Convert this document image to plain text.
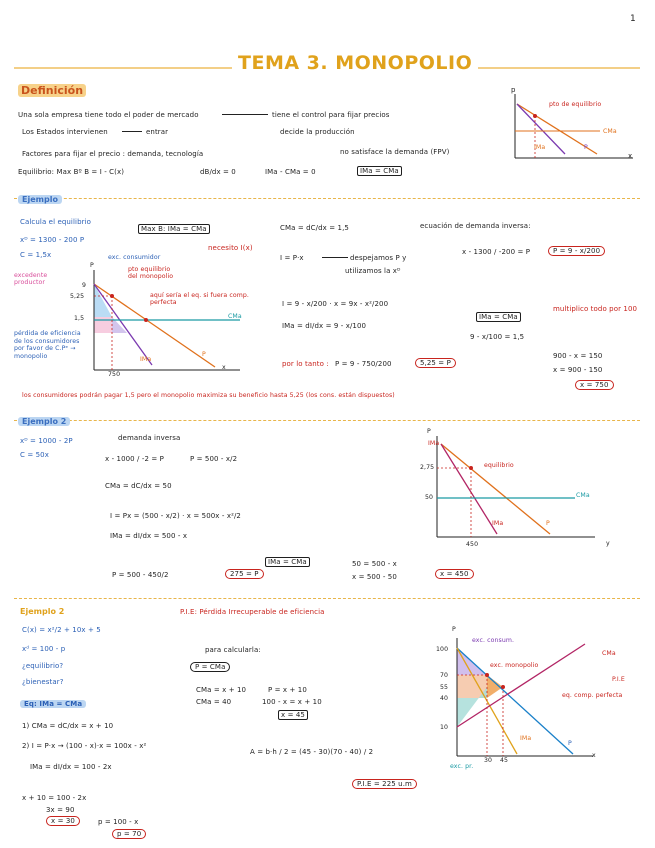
1
TEMA 3. MONOPOLIO
Definición
Una sola empresa tiene todo el poder de mercado	tiene el control para fijar precios
Los Estados intervienen	entrar	decide la producción
Factores para fijar el precio : demanda, tecnología	no satisface la demanda (FPV)
Equilibrio: Max Bº B = I - C(x)	dB/dx = 0	IMa - CMa = 0	IMa = CMa
p
x
pto de equilibrio
CMa
IMa	P
Ejemplo
Calcula el equilibrio
xᴰ = 1300 - 200 P
C = 1,5x
Max B: IMa = CMa
necesito I(x)
CMa = dC/dx = 1,5	ecuación de demanda inversa:
I = P·x	despejamos P y
utilizamos la xᴰ
x - 1300 / -200 = P	P = 9 - x/200
I = 9 - x/200 · x = 9x - x²/200
IMa = dI/dx = 9 - x/100
IMa = CMa
9 - x/100 = 1,5
multiplico todo por 100
900 - x = 150
x = 900 - 150
x = 750
por lo tanto : P = 9 - 750/200	5,25 = P
los consumidores podrán pagar 1,5 pero el monopolio maximiza su beneficio hasta 5,25 (los cons. están dispuestos)
exc. consumidor
pto equilibrio del monopolio
aquí sería el eq. si fuera comp. perfecta
excedente productor
pérdida de eficiencia de los consumidores por favor de C.Pᵉ → monopolio
P
9
5,25
1,5
750
x
CMa
IMa
P
Ejemplo 2
xᴰ = 1000 - 2P
C = 50x
demanda inversa
x - 1000 / -2 = P	P = 500 - x/2
CMa = dC/dx = 50
I = Px = (500 - x/2) · x = 500x - x²/2
IMa = dI/dx = 500 - x
IMa = CMa	50 = 500 - x
x = 500 - 50	x = 450
P = 500 - 450/2	275 = P
P
IMa
2,75
50
450	y
equilibrio
CMa
IMa	P
Ejemplo 2
C(x) = x²/2 + 10x + 5
xᵈ = 100 - p
¿equilibrio?
¿bienestar?
Eq: IMa = CMa
1) CMa = dC/dx = x + 10
2) I = P·x → (100 - x)·x = 100x - x²
IMa = dI/dx = 100 - 2x
x + 10 = 100 - 2x
3x = 90
x = 30	p = 100 - x
p = 70
P.I.E: Pérdida Irrecuperable de eficiencia
para calcularla:
P = CMa
CMa = x + 10
CMa = 40
P = x + 10
100 - x = x + 10
x = 45
A = b·h / 2 = (45 - 30)(70 - 40) / 2
P.I.E = 225 u.m
P
exc. consum.
exc. monopolio
CMa
P.I.E
eq. comp. perfecta
exc. pr.
100
70
55
40
10
30 45
x
IMa
P
